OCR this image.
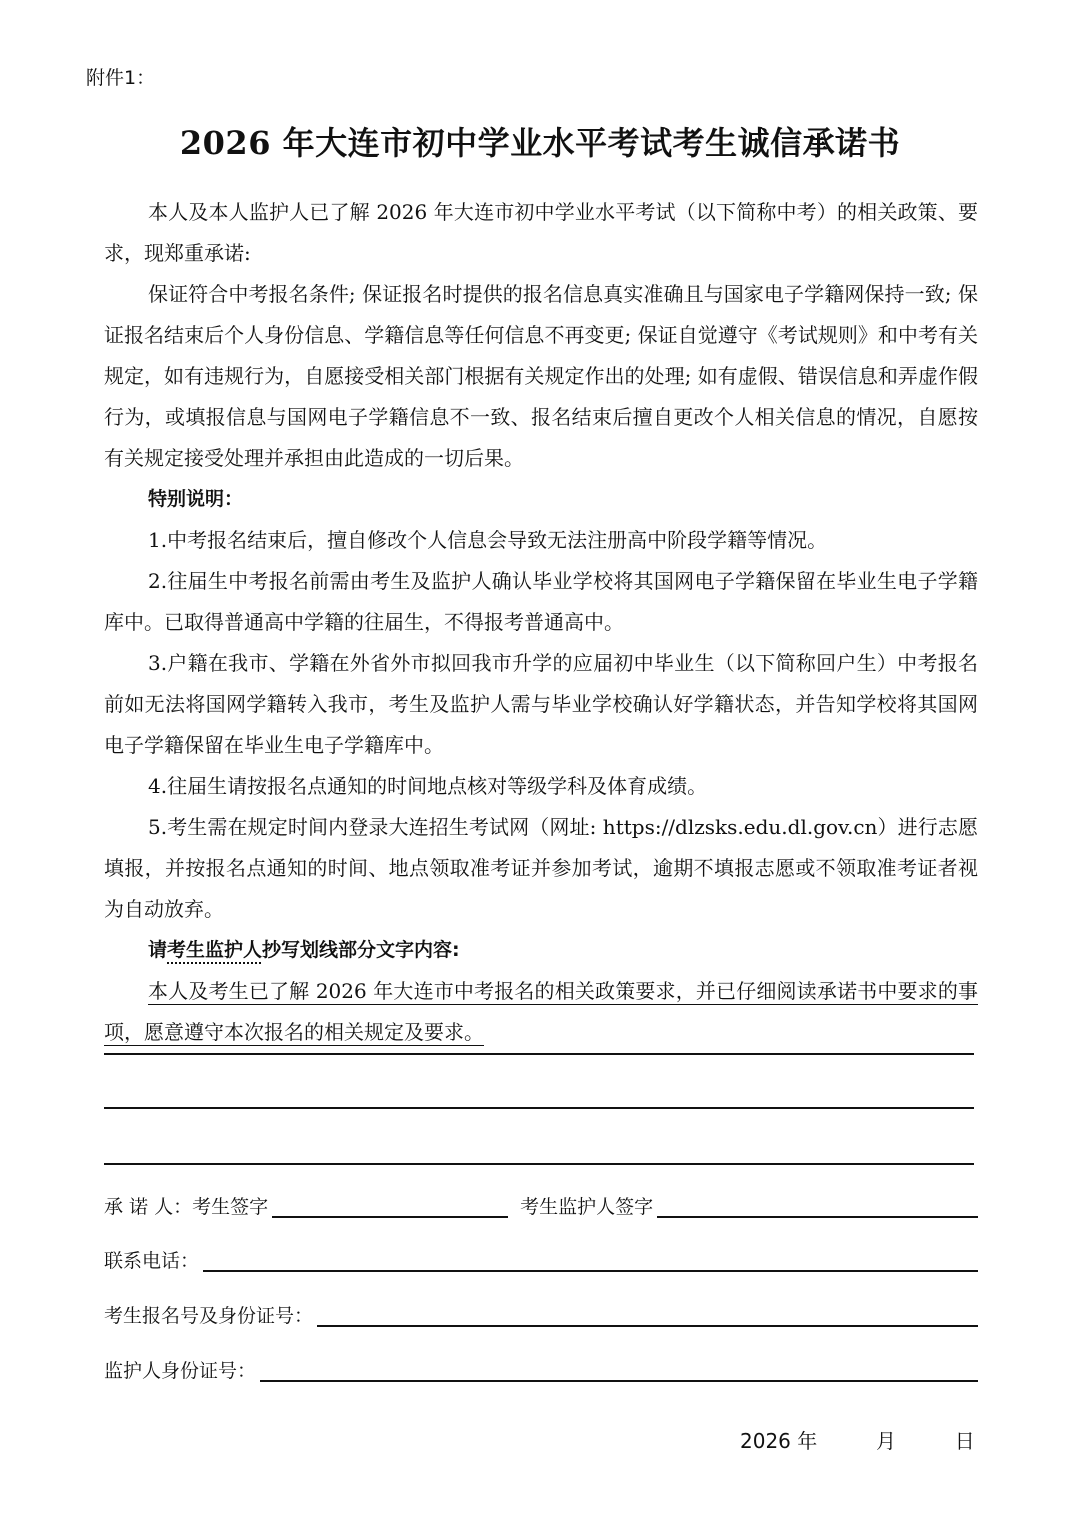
附件1：
2026 年大连市初中学业水平考试考生诚信承诺书

本人及本人监护人已了解 2026 年大连市初中学业水平考试（以下简称中考）的相关政策、要求，现郑重承诺:

保证符合中考报名条件; 保证报名时提供的报名信息真实准确且与国家电子学籍网保持一致; 保证报名结束后个人身份信息、学籍信息等任何信息不再变更; 保证自觉遵守《考试规则》和中考有关规定，如有违规行为，自愿接受相关部门根据有关规定作出的处理; 如有虚假、错误信息和弄虚作假行为，或填报信息与国网电子学籍信息不一致、报名结束后擅自更改个人相关信息的情况，自愿按有关规定接受处理并承担由此造成的一切后果。

特别说明：

1.中考报名结束后，擅自修改个人信息会导致无法注册高中阶段学籍等情况。

2.往届生中考报名前需由考生及监护人确认毕业学校将其国网电子学籍保留在毕业生电子学籍库中。已取得普通高中学籍的往届生，不得报考普通高中。

3.户籍在我市、学籍在外省外市拟回我市升学的应届初中毕业生（以下简称回户生）中考报名前如无法将国网学籍转入我市，考生及监护人需与毕业学校确认好学籍状态，并告知学校将其国网电子学籍保留在毕业生电子学籍库中。

4.往届生请按报名点通知的时间地点核对等级学科及体育成绩。

5.考生需在规定时间内登录大连招生考试网（网址: https://dlzsks.edu.dl.gov.cn）进行志愿填报，并按报名点通知的时间、地点领取准考证并参加考试，逾期不填报志愿或不领取准考证者视为自动放弃。

请考生监护人抄写划线部分文字内容:

本人及考生已了解 2026 年大连市中考报名的相关政策要求，并已仔细阅读承诺书中要求的事项，愿意遵守本次报名的相关规定及要求。

承 诺 人：考生签字	考生监护人签字
联系电话：
考生报名号及身份证号：
监护人身份证号：
2026 年	月	日
